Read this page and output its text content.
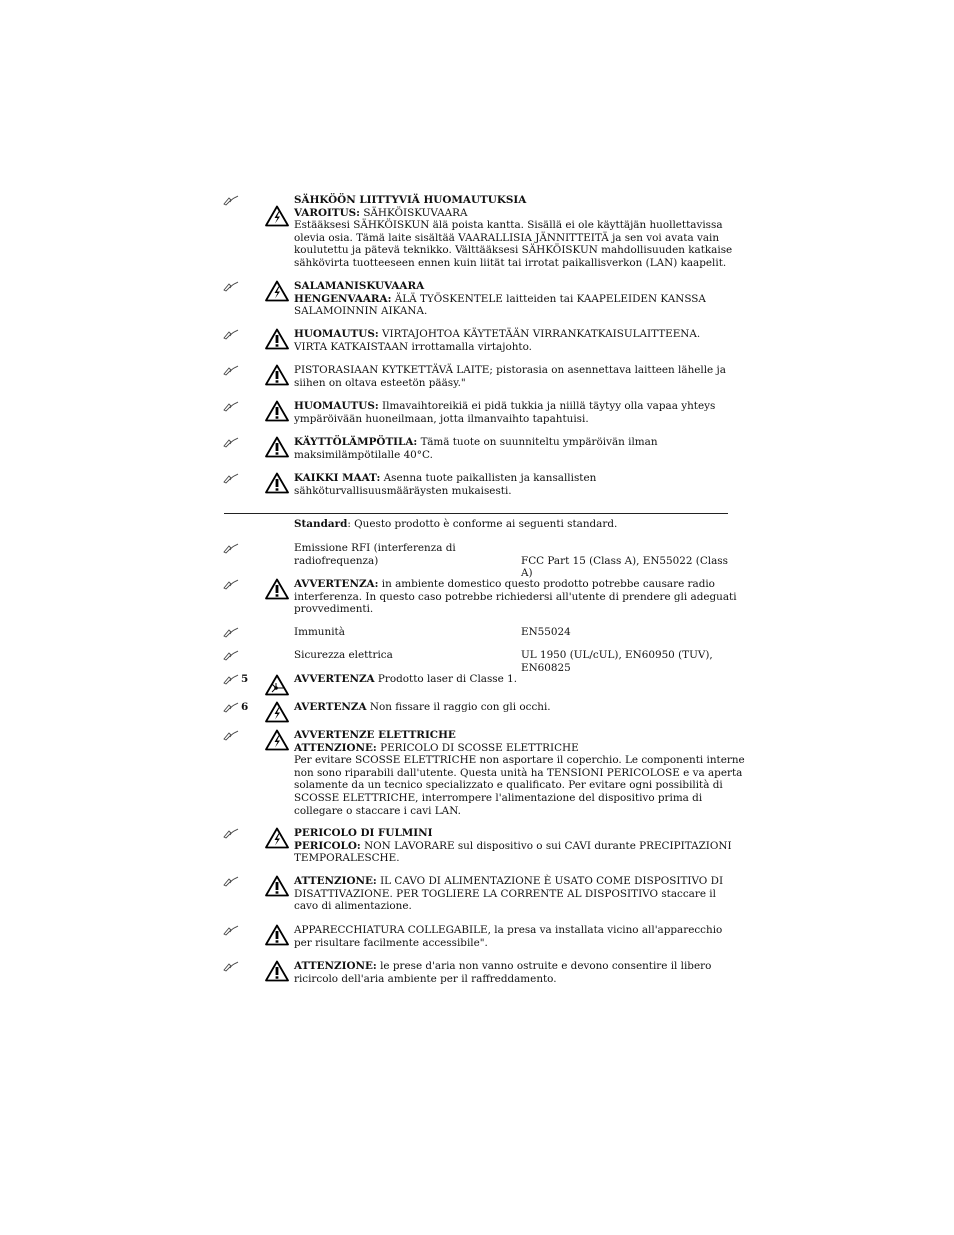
SÄHKÖÖN LIITTYVIÄ HUOMAUTUKSIA
VAROITUS: SÄHKÖISKUVAARA
Estääksesi SÄHKÖISKUN älä poista kantta. Sisällä ei ole käyttäjän huollettavissa
olevia osia. Tämä laite sisältää VAARALLISIA JÄNNITTEITÄ ja sen voi avata vain
koulutettu ja pätevä teknikko. Välttääksesi SÄHKÖISKUN mahdollisuuden katkaise
sähkövirta tuotteeseen ennen kuin liität tai irrotat paikallisverkon (LAN) kaapelit.
SALAMANISKUVAARA
HENGENVAARA: ÄLÄ TYÖSKENTELE laitteiden tai KAAPELEIDEN KANSSA
SALAMOINNIN AIKANA.
HUOMAUTUS: VIRTAJOHTOA KÄYTETÄÄN VIRRANKATKAISULAITTEENA.
VIRTA KATKAISTAAN irrottamalla virtajohto.
PISTORASIAAN KYTKETTÄVÄ LAITE; pistorasia on asennettava laitteen lähelle ja
siihen on oltava esteetön pääsy."
HUOMAUTUS: Ilmavaihtoreikiä ei pidä tukkia ja niillä täytyy olla vapaa yhteys
ympäröivään huoneilmaan, jotta ilmanvaihto tapahtuisi.
KÄYTTÖLÄMPÖTILA: Tämä tuote on suunniteltu ympäröivän ilman
maksimilämpötilalle 40°C.
KAIKKI MAAT: Asenna tuote paikallisten ja kansallisten
sähköturvallisuusmääräysten mukaisesti.
Standard: Questo prodotto è conforme ai seguenti standard.
Emissione RFI (interferenza di
radiofrequenza)	FCC Part 15 (Class A), EN55022 (Class A)
AVVERTENZA: in ambiente domestico questo prodotto potrebbe causare radio
interferenza. In questo caso potrebbe richiedersi all'utente di prendere gli adeguati
provvedimenti.
Immunità	EN55024
Sicurezza elettrica	UL 1950 (UL/cUL), EN60950 (TUV), EN60825
5	AVVERTENZA Prodotto laser di Classe 1.
6	AVERTENZA Non fissare il raggio con gli occhi.
AVVERTENZE ELETTRICHE
ATTENZIONE: PERICOLO DI SCOSSE ELETTRICHE
Per evitare SCOSSE ELETTRICHE non asportare il coperchio. Le componenti interne
non sono riparabili dall'utente. Questa unità ha TENSIONI PERICOLOSE e va aperta
solamente da un tecnico specializzato e qualificato. Per evitare ogni possibilità di
SCOSSE ELETTRICHE, interrompere l'alimentazione del dispositivo prima di
collegare o staccare i cavi LAN.
PERICOLO DI FULMINI
PERICOLO: NON LAVORARE sul dispositivo o sui CAVI durante PRECIPITAZIONI
TEMPORALESCHE.
ATTENZIONE: IL CAVO DI ALIMENTAZIONE È USATO COME DISPOSITIVO DI
DISATTIVAZIONE. PER TOGLIERE LA CORRENTE AL DISPOSITIVO staccare il
cavo di alimentazione.
APPARECCHIATURA COLLEGABILE, la presa va installata vicino all'apparecchio
per risultare facilmente accessibile".
ATTENZIONE: le prese d'aria non vanno ostruite e devono consentire il libero
ricircolo dell'aria ambiente per il raffreddamento.
